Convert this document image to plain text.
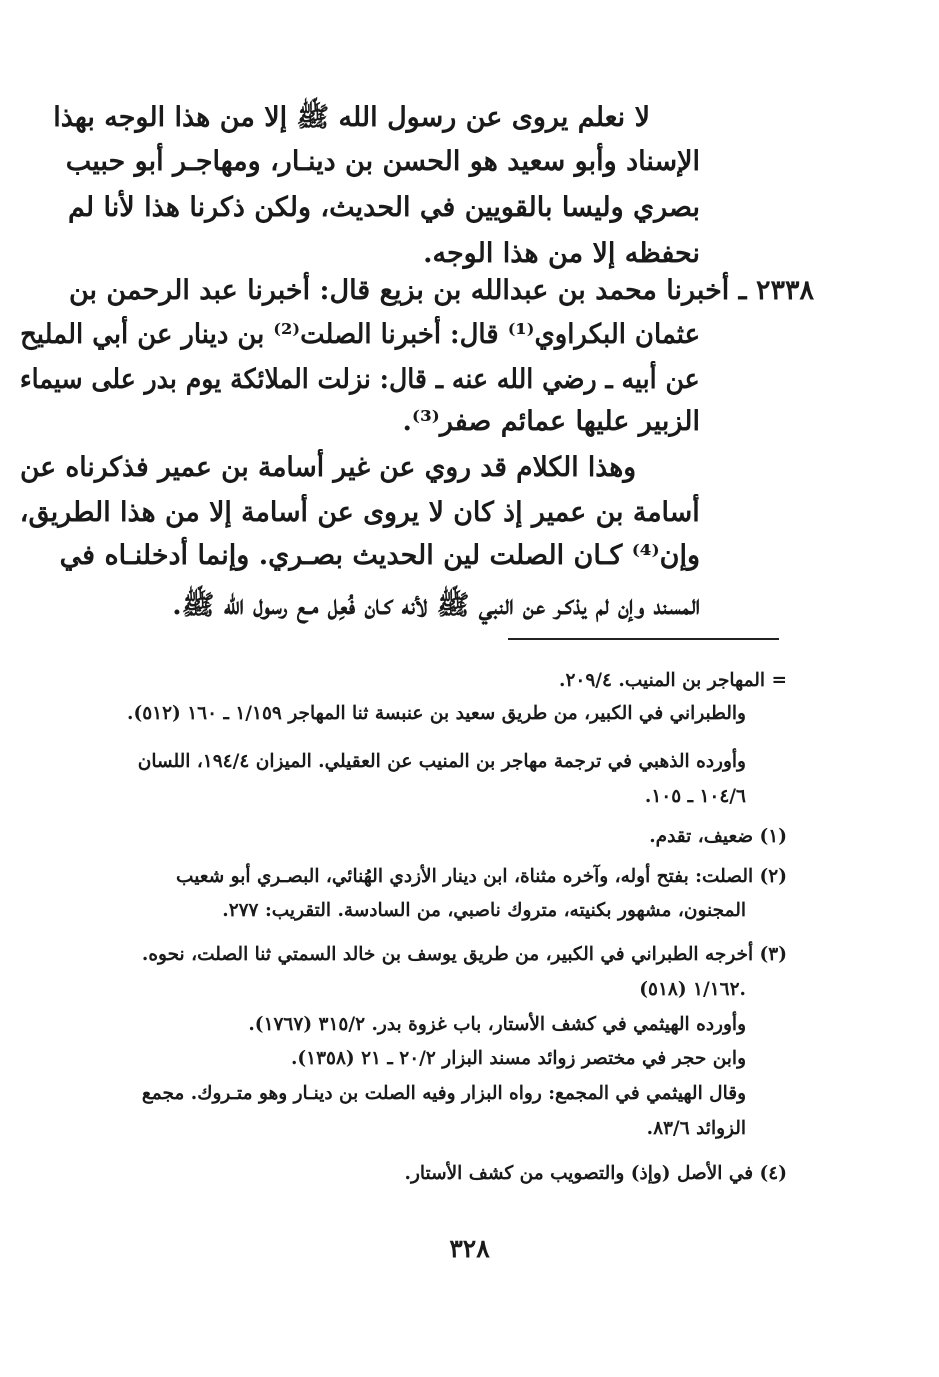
لا نعلم يروى عن رسول الله ﷺ إلا من هذا الوجه بهذا
الإسناد وأبو سعيد هو الحسن بن دينـار، ومهاجـر أبو حبيب
بصري وليسا بالقويين في الحديث، ولكن ذكرنا هذا لأنا لم
نحفظه إلا من هذا الوجه.
٢٣٣٨ ـ أخبرنا محمد بن عبدالله بن بزيع قال: أخبرنا عبد الرحمن بن
عثمان البكراوي⁽¹⁾ قال: أخبرنا الصلت⁽²⁾ بن دينار عن أبي المليح
عن أبيه ـ رضي الله عنه ـ قال: نزلت الملائكة يوم بدر على سيماء
الزبير عليها عمائم صفر⁽³⁾.
وهذا الكلام قد روي عن غير أسامة بن عمير فذكرناه عن
أسامة بن عمير إذ كان لا يروى عن أسامة إلا من هذا الطريق،
وإن⁽⁴⁾ كـان الصلت لين الحديث بصـري. وإنما أدخلنـاه في
المسند وإن لم يذكـر عن النبي ﷺ لأنه كـان فُعِل مـع رسول الله ﷺ.
= المهاجر بن المنيب. ٢٠٩/٤.
والطبراني في الكبير، من طريق سعيد بن عنبسة ثنا المهاجر ١/١٥٩ ـ ١٦٠ (٥١٢).
وأورده الذهبي في ترجمة مهاجر بن المنيب عن العقيلي. الميزان ١٩٤/٤، اللسان
١٠٤/٦ ـ ١٠٥.
(١) ضعيف، تقدم.
(٢) الصلت: بفتح أوله، وآخره مثناة، ابن دينار الأزدي الهُنائي، البصـري أبو شعيب
المجنون، مشهور بكنيته، متروك ناصبي، من السادسة. التقريب: ٢٧٧.
(٣) أخرجه الطبراني في الكبير، من طريق يوسف بن خالد السمتي ثنا الصلت، نحوه.
١/١٦٢ (٥١٨).
وأورده الهيثمي في كشف الأستار، باب غزوة بدر. ٣١٥/٢ (١٧٦٧).
وابن حجر في مختصر زوائد مسند البزار ٢٠/٢ ـ ٢١ (١٣٥٨).
وقال الهيثمي في المجمع: رواه البزار وفيه الصلت بن دينـار وهو متـروك. مجمع
الزوائد ٨٣/٦.
(٤) في الأصل (وإذ) والتصويب من كشف الأستار.
٣٢٨
